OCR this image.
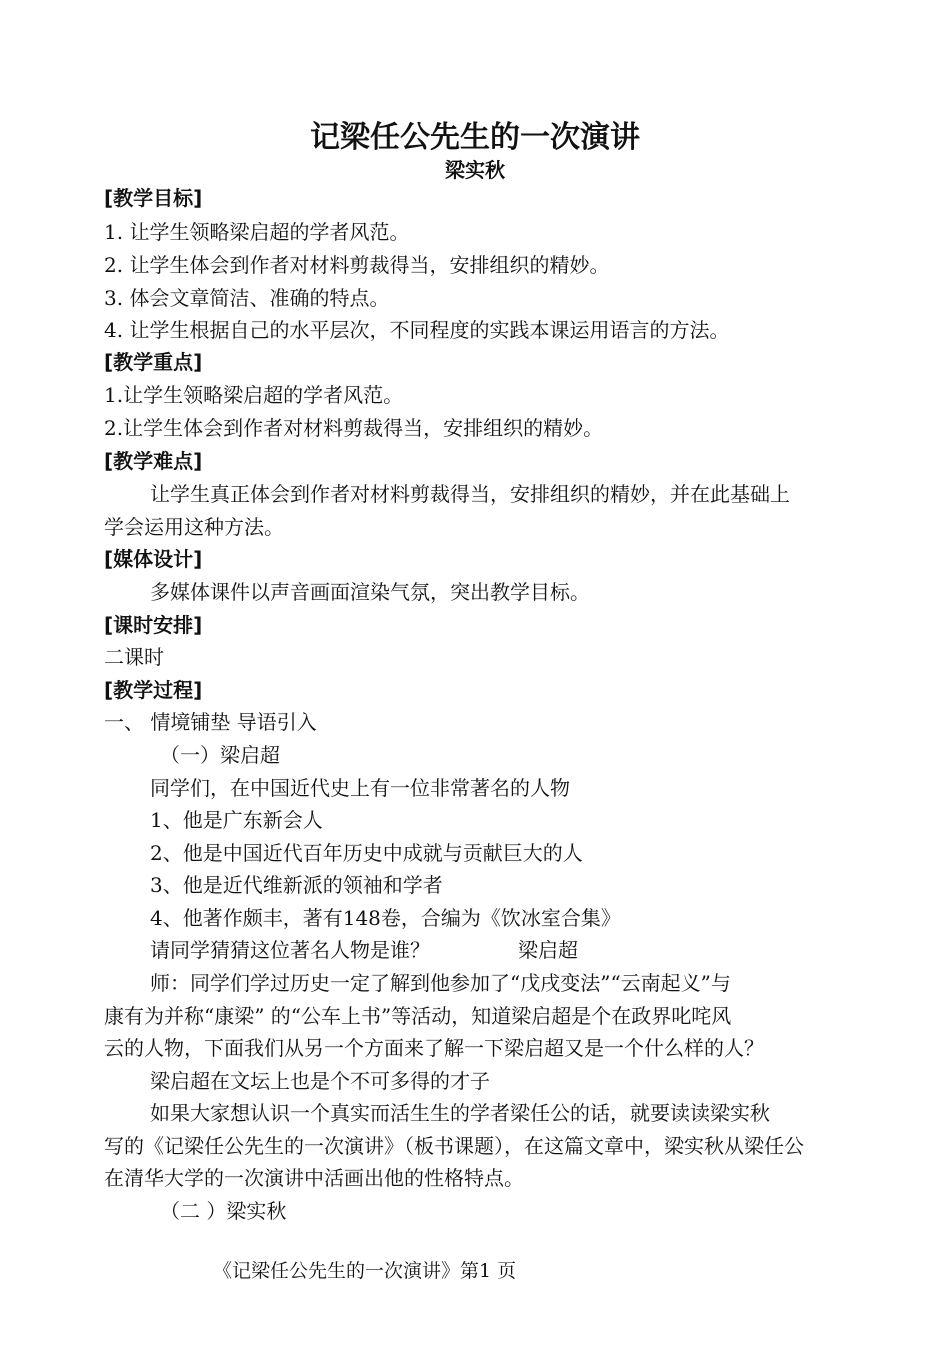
记梁任公先生的一次演讲
梁实秋
[教学目标]
1. 让学生领略梁启超的学者风范。
2. 让学生体会到作者对材料剪裁得当，安排组织的精妙。
3. 体会文章简洁、准确的特点。
4. 让学生根据自己的水平层次，不同程度的实践本课运用语言的方法。
[教学重点]
1.让学生领略梁启超的学者风范。
2.让学生体会到作者对材料剪裁得当，安排组织的精妙。
[教学难点]
让学生真正体会到作者对材料剪裁得当，安排组织的精妙，并在此基础上
学会运用这种方法。
[媒体设计]
多媒体课件以声音画面渲染气氛，突出教学目标。
[课时安排]
二课时
[教学过程]
一、 情境铺垫 导语引入
（一）梁启超
同学们，在中国近代史上有一位非常著名的人物
1、他是广东新会人
2、他是中国近代百年历史中成就与贡献巨大的人
3、他是近代维新派的领袖和学者
4、他著作颇丰，著有148卷，合编为《饮冰室合集》
请同学猜猜这位著名人物是谁？	梁启超
师：同学们学过历史一定了解到他参加了“戊戌变法”“云南起义”与
康有为并称“康梁” 的“公车上书”等活动，知道梁启超是个在政界叱咤风
云的人物，下面我们从另一个方面来了解一下梁启超又是一个什么样的人？
梁启超在文坛上也是个不可多得的才子
如果大家想认识一个真实而活生生的学者梁任公的话，就要读读梁实秋
写的《记梁任公先生的一次演讲》（板书课题），在这篇文章中，梁实秋从梁任公
在清华大学的一次演讲中活画出他的性格特点。
（二 ）梁实秋
《记梁任公先生的一次演讲》第1 页
